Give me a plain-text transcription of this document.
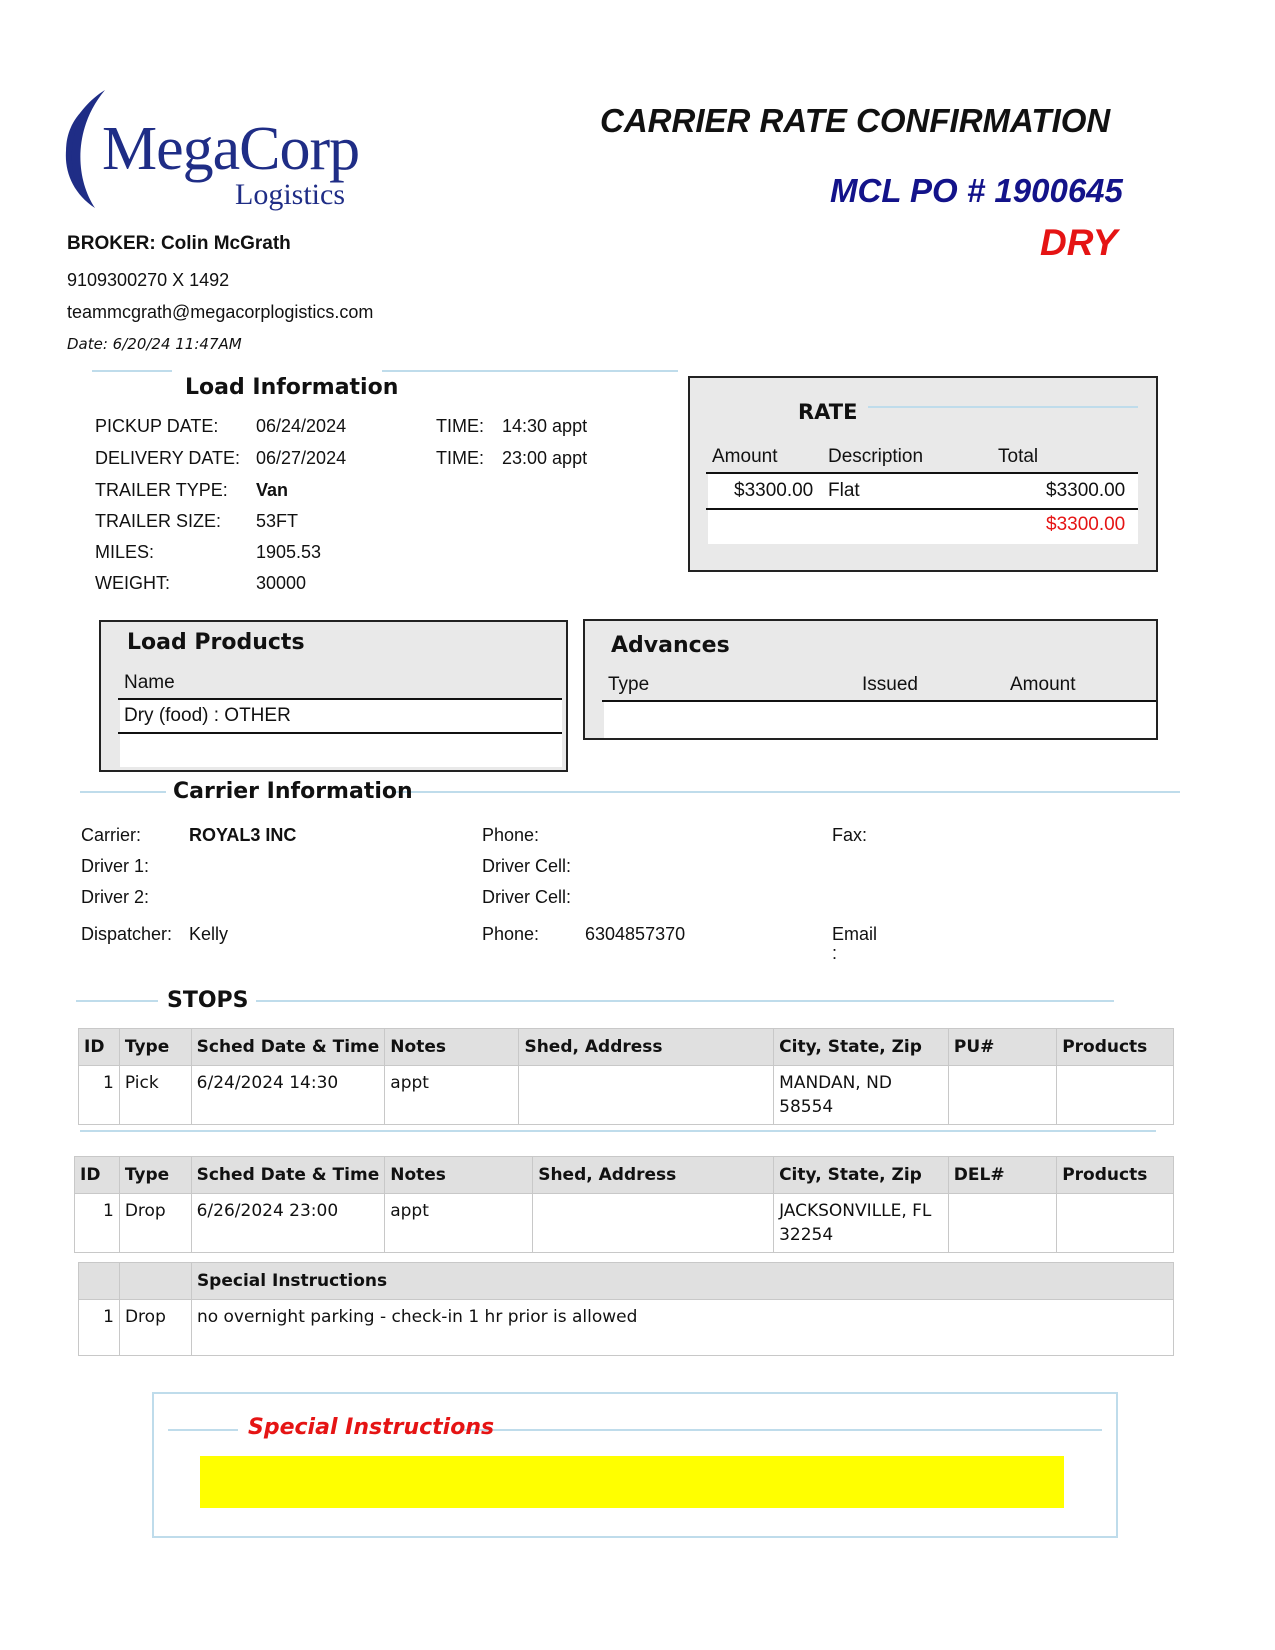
MegaCorp
Logistics
CARRIER RATE CONFIRMATION
MCL PO # 1900645
DRY
BROKER: Colin McGrath
9109300270 X 1492
teammcgrath@megacorplogistics.com
Date: 6/20/24 11:47AM
Load Information
PICKUP DATE: 06/24/2024	TIME: 14:30 appt
DELIVERY DATE: 06/27/2024	TIME: 23:00 appt
TRAILER TYPE: Van
TRAILER SIZE: 53FT
MILES:	1905.53
WEIGHT:	30000
RATE
Amount	Description	Total
$3300.00 Flat	$3300.00
$3300.00
Load Products
Name
Dry (food) : OTHER
Advances
Type	Issued	Amount
Carrier Information
Carrier:	ROYAL3 INC	Phone:	Fax:
Driver 1:	Driver Cell:
Driver 2:	Driver Cell:
Dispatcher: Kelly	Phone:	6304857370	Email
:
STOPS
ID	Type	Sched Date & Time	Notes	Shed, Address	City, State, Zip	PU#	Products
1	Pick	6/24/2024 14:30	appt		MANDAN, ND
58554		
ID	Type	Sched Date & Time	Notes	Shed, Address	City, State, Zip	DEL#	Products
1	Drop	6/26/2024 23:00	appt		JACKSONVILLE, FL
32254		
		Special Instructions
1	Drop	no overnight parking - check-in 1 hr prior is allowed
Special Instructions
